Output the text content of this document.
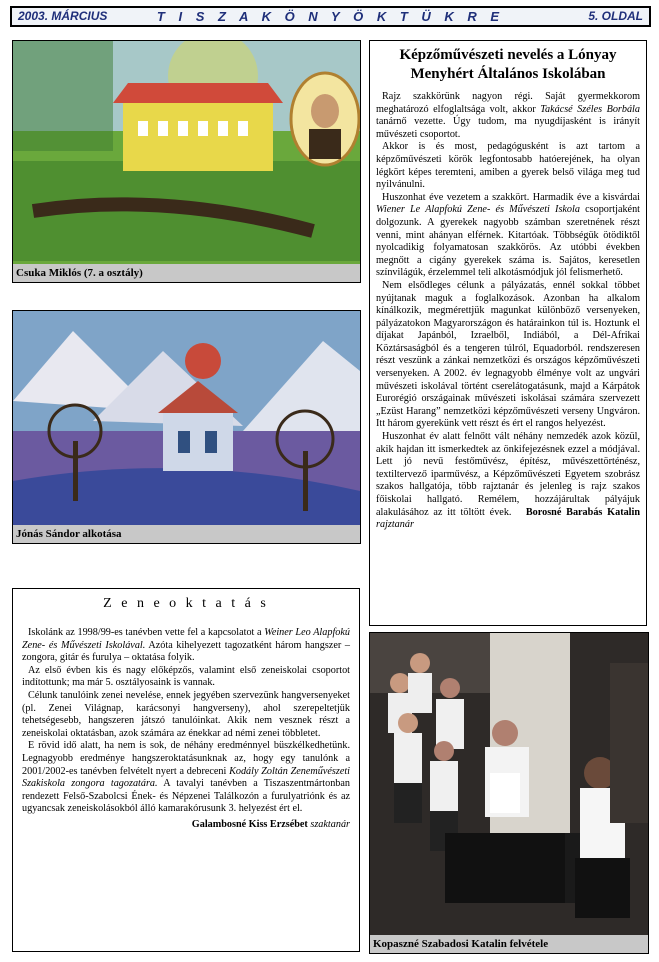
2003. MÁRCIUS	T I S Z A K Ö N Y Ö K T Ü K R E	5. OLDAL
Csuka Miklós (7. a osztály)
Jónás Sándor alkotása
Képzőművészeti nevelés a Lónyay
Menyhért Általános Iskolában

Rajz szakkörünk nagyon régi. Saját gyermekkorom meghatározó elfoglaltsága volt, akkor Takácsé Széles Borbála tanárnő vezette. Úgy tudom, ma nyugdíjasként is irányít művészeti csoportot.

Akkor is és most, pedagógusként is azt tartom a képzőművészeti körök legfontosabb hatóerejének, ha olyan légkört képes teremteni, amiben a gyerek belső világa meg tud nyilvánulni.

Huszonhat éve vezetem a szakkört. Harmadik éve a kisvárdai Wiener Le Alapfokú Zene- és Művészeti Iskola csoportjaként dolgozunk. A gyerekek nagyobb számban szeretnének részt venni, mint ahányan elférnek. Kitartóak. Többségük ötödiktől nyolcadikig folyamatosan szakkörös. Az utóbbi években megnőtt a cigány gyerekek száma is. Sajátos, keresetlen színvilágúk, érzelemmel teli alkotásmódjuk jól felismerhető.

Nem elsődleges célunk a pályázatás, ennél sokkal többet nyújtanak maguk a foglalkozások. Azonban ha alkalom kínálkozik, megmérettjük magunkat különböző versenyeken, pályázatokon Magyarországon és határainkon túl is. Hoztunk el díjakat Japánból, Izraelből, Indiából, a Dél-Afrikai Köztársaságból és a tengeren túlról, Equadorból. rendszeresen részt veszünk a zánkai nemzetközi és országos képzőművészeti versenyeken. A 2002. év legnagyobb élménye volt az ungvári művészeti iskolával történt cserelátogatásunk, majd a Kárpátok Eurorégió országainak művészeti iskolásai számára szervezett „Ezüst Harang” nemzetközi képzőművészeti verseny Ungváron. Itt három gyerekünk vett részt és ért el rangos helyezést.

Huszonhat év alatt felnőtt vált néhány nemzedék azok közül, akik hajdan itt ismerkedtek az önkifejezésnek ezzel a módjával. Lett jó nevű festőművész, építész, művészettörténész, textiltervező iparművész, a Képzőművészeti Egyetem szobrász szakos hallgatója, több rajztanár és jelenleg is rajz szakos főiskolai hallgató. Remélem, hozzájárultak pályájuk alakulásához az itt töltött évek. Borosné Barabás Katalin rajztanár

Z e n e o k t a t á s

Iskolánk az 1998/99-es tanévben vette fel a kapcsolatot a Weiner Leo Alapfokú Zene- és Művészeti Iskolával. Azóta kihelyezett tagozatként három hangszer – zongora, gitár és furulya – oktatása folyik.

Az első évben kis és nagy előképzős, valamint első zeneiskolai csoportot indítottunk; ma már 5. osztályosaink is vannak.

Célunk tanulóink zenei nevelése, ennek jegyében szervezünk hangversenyeket (pl. Zenei Világnap, karácsonyi hangverseny), ahol szerepeltetjük tehetségesebb, hangszeren játszó tanulóinkat. Akik nem vesznek részt a zeneiskolai oktatásban, azok számára az énekkar ad némi zenei többletet.

E rövid idő alatt, ha nem is sok, de néhány eredménnyel büszkélkedhetünk. Legnagyobb eredménye hangszeroktatásunknak az, hogy egy tanulónk a 2001/2002-es tanévben felvételt nyert a debreceni Kodály Zoltán Zeneművészeti Szakiskola zongora tagozatára. A tavalyi tanévben a Tiszaszentmártonban rendezett Felső-Szabolcsi Ének- és Népzenei Találkozón a furulyatriónk és az ugyancsak zeneiskolásokból álló kamarakórusunk 3. helyezést ért el.

Galambosné Kiss Erzsébet szaktanár
Kopaszné Szabadosi Katalin felvétele
